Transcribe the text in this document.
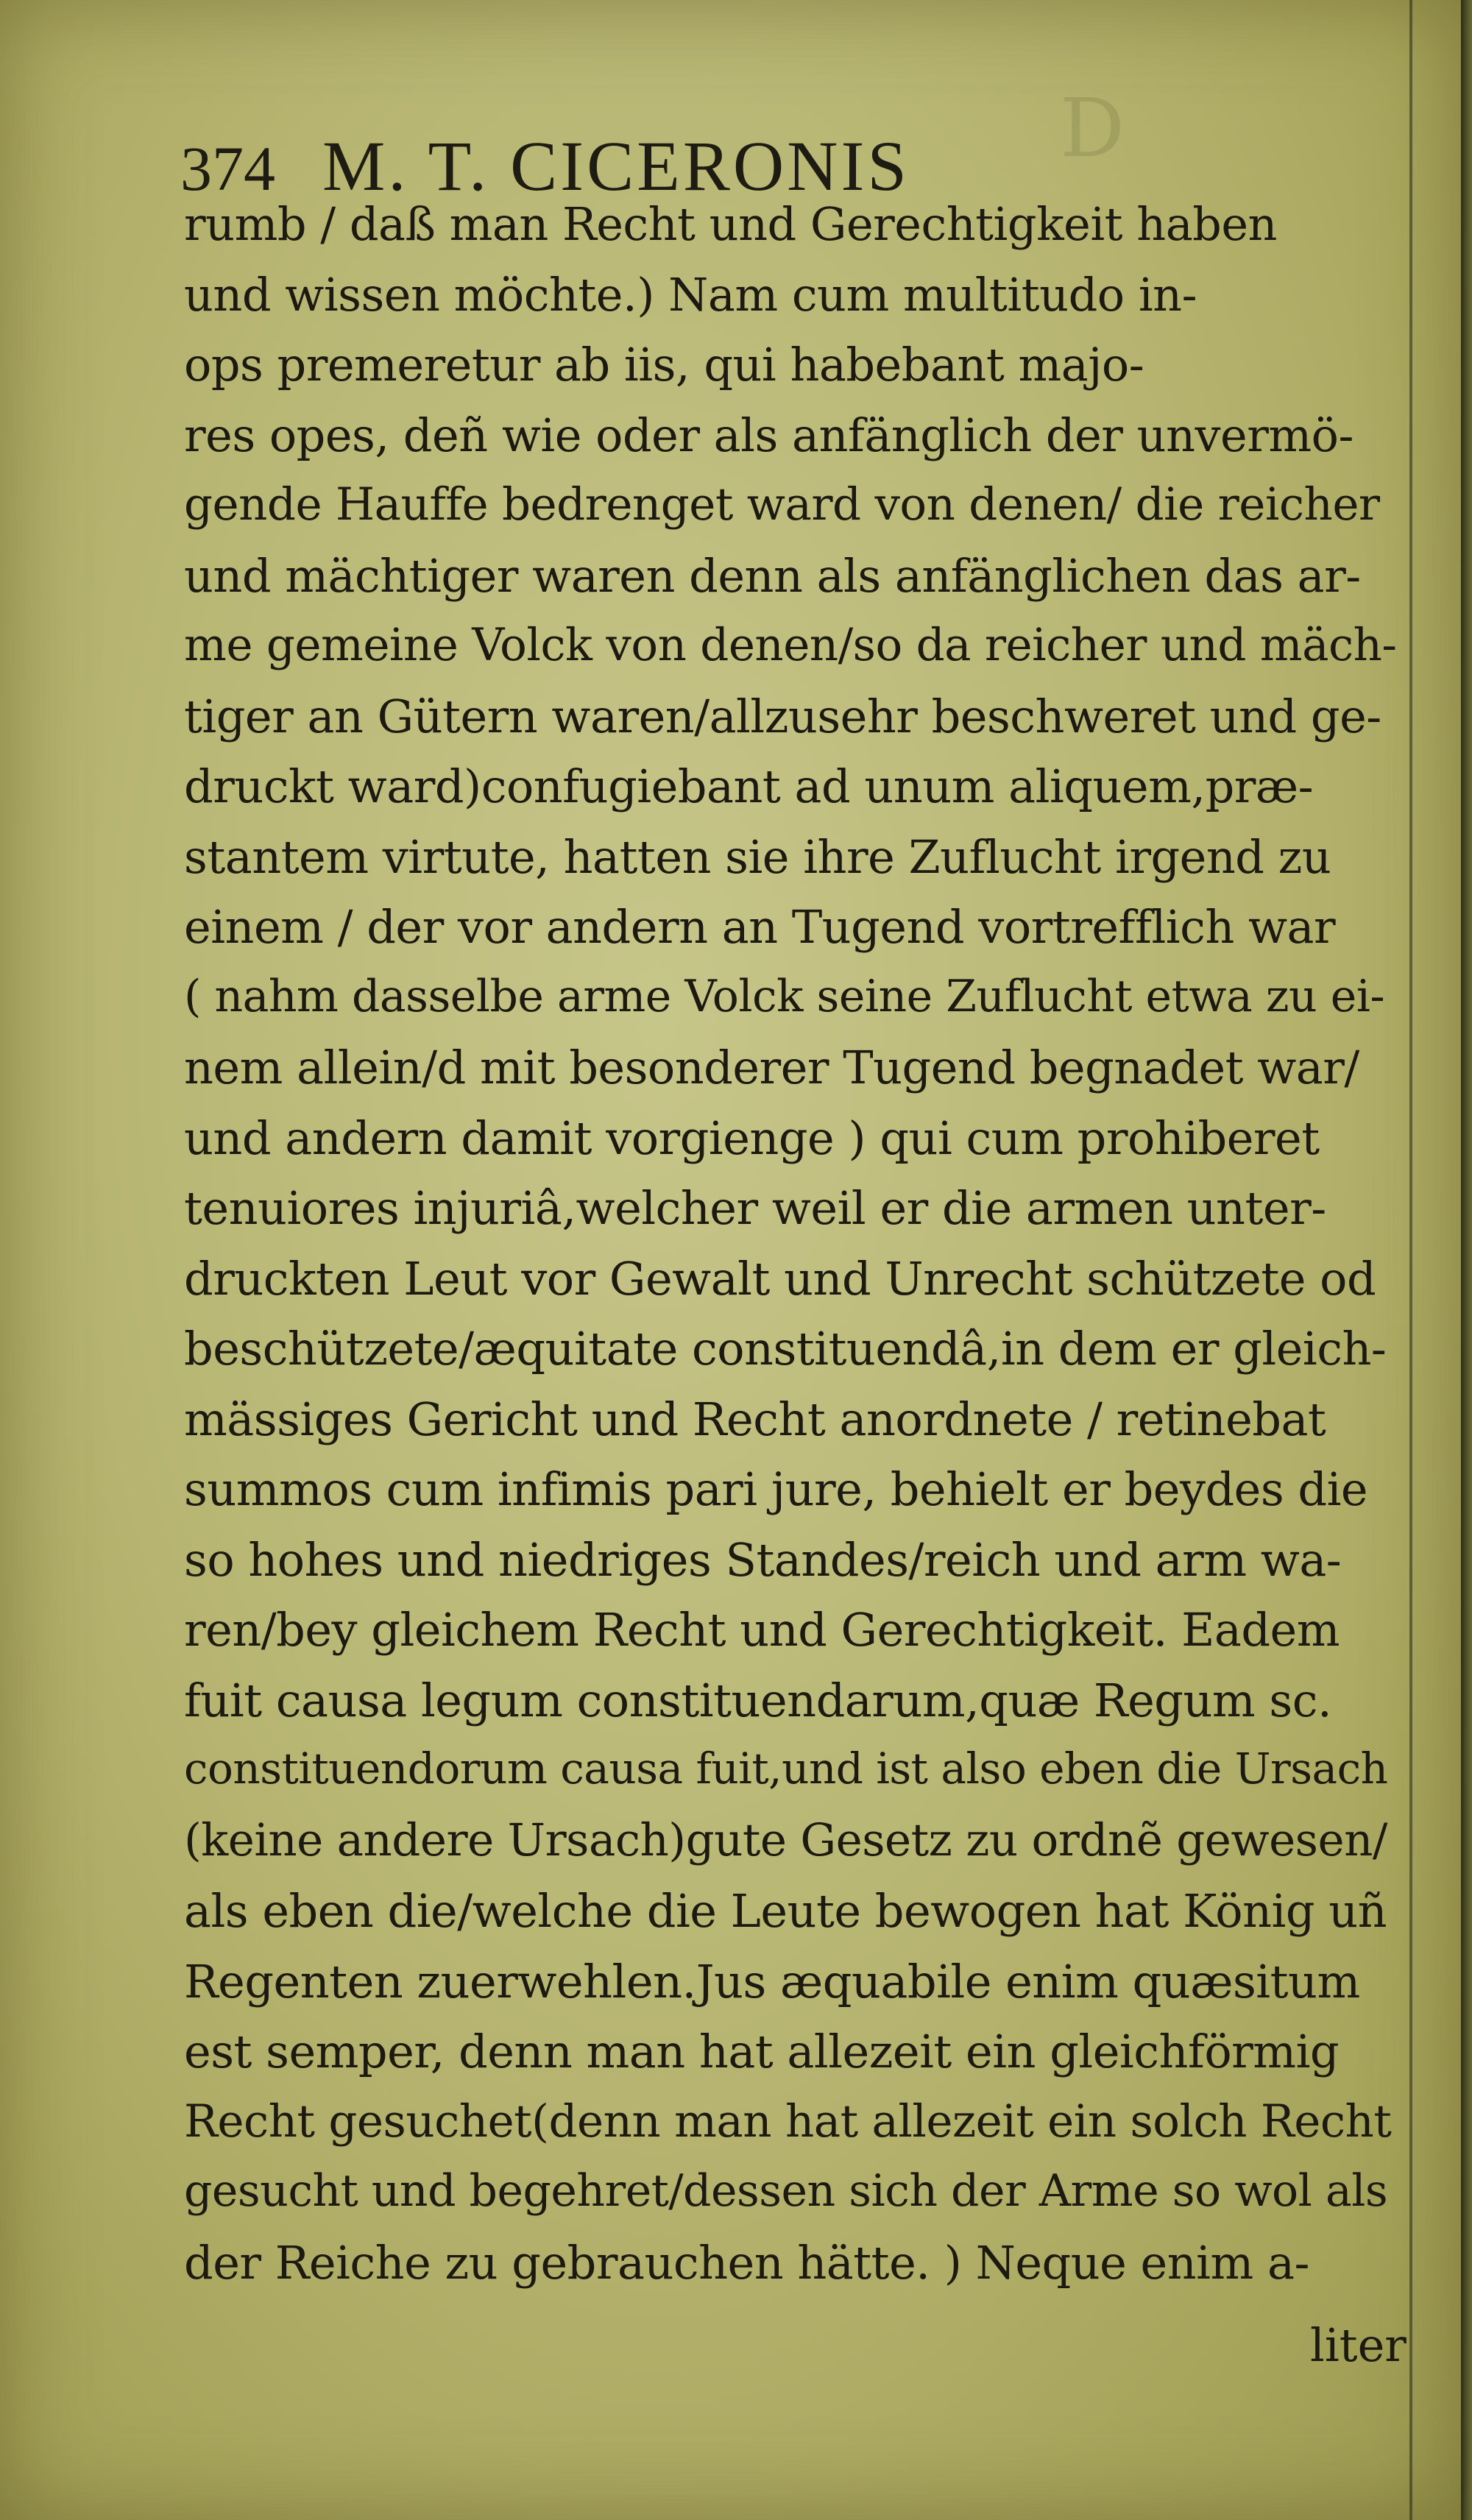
D
374 M. T. CICERONIS
rumb / daß man Recht und Gerechtigkeit haben
und wissen möchte.) Nam cum multitudo in-
ops premeretur ab iis, qui habebant majo-
res opes, deñ wie oder als anfänglich der unvermö-
gende Hauffe bedrenget ward von denen/ die reicher
und mächtiger waren denn als anfänglichen das ar-
me gemeine Volck von denen/so da reicher und mäch-
tiger an Gütern waren/allzusehr beschweret und ge-
druckt ward)confugiebant ad unum aliquem,præ-
stantem virtute, hatten sie ihre Zuflucht irgend zu
einem / der vor andern an Tugend vortrefflich war
( nahm dasselbe arme Volck seine Zuflucht etwa zu ei-
nem allein/d mit besonderer Tugend begnadet war/
und andern damit vorgienge ) qui cum prohiberet
tenuiores injuriâ,welcher weil er die armen unter-
druckten Leut vor Gewalt und Unrecht schützete od
beschützete/æquitate constituendâ,in dem er gleich-
mässiges Gericht und Recht anordnete / retinebat
summos cum infimis pari jure, behielt er beydes die
so hohes und niedriges Standes/reich und arm wa-
ren/bey gleichem Recht und Gerechtigkeit. Eadem
fuit causa legum constituendarum,quæ Regum sc.
constituendorum causa fuit,und ist also eben die Ursach
(keine andere Ursach)gute Gesetz zu ordnẽ gewesen/
als eben die/welche die Leute bewogen hat König uñ
Regenten zuerwehlen.Jus æquabile enim quæsitum
est semper, denn man hat allezeit ein gleichförmig
Recht gesuchet(denn man hat allezeit ein solch Recht
gesucht und begehret/dessen sich der Arme so wol als
der Reiche zu gebrauchen hätte. ) Neque enim a-
liter
